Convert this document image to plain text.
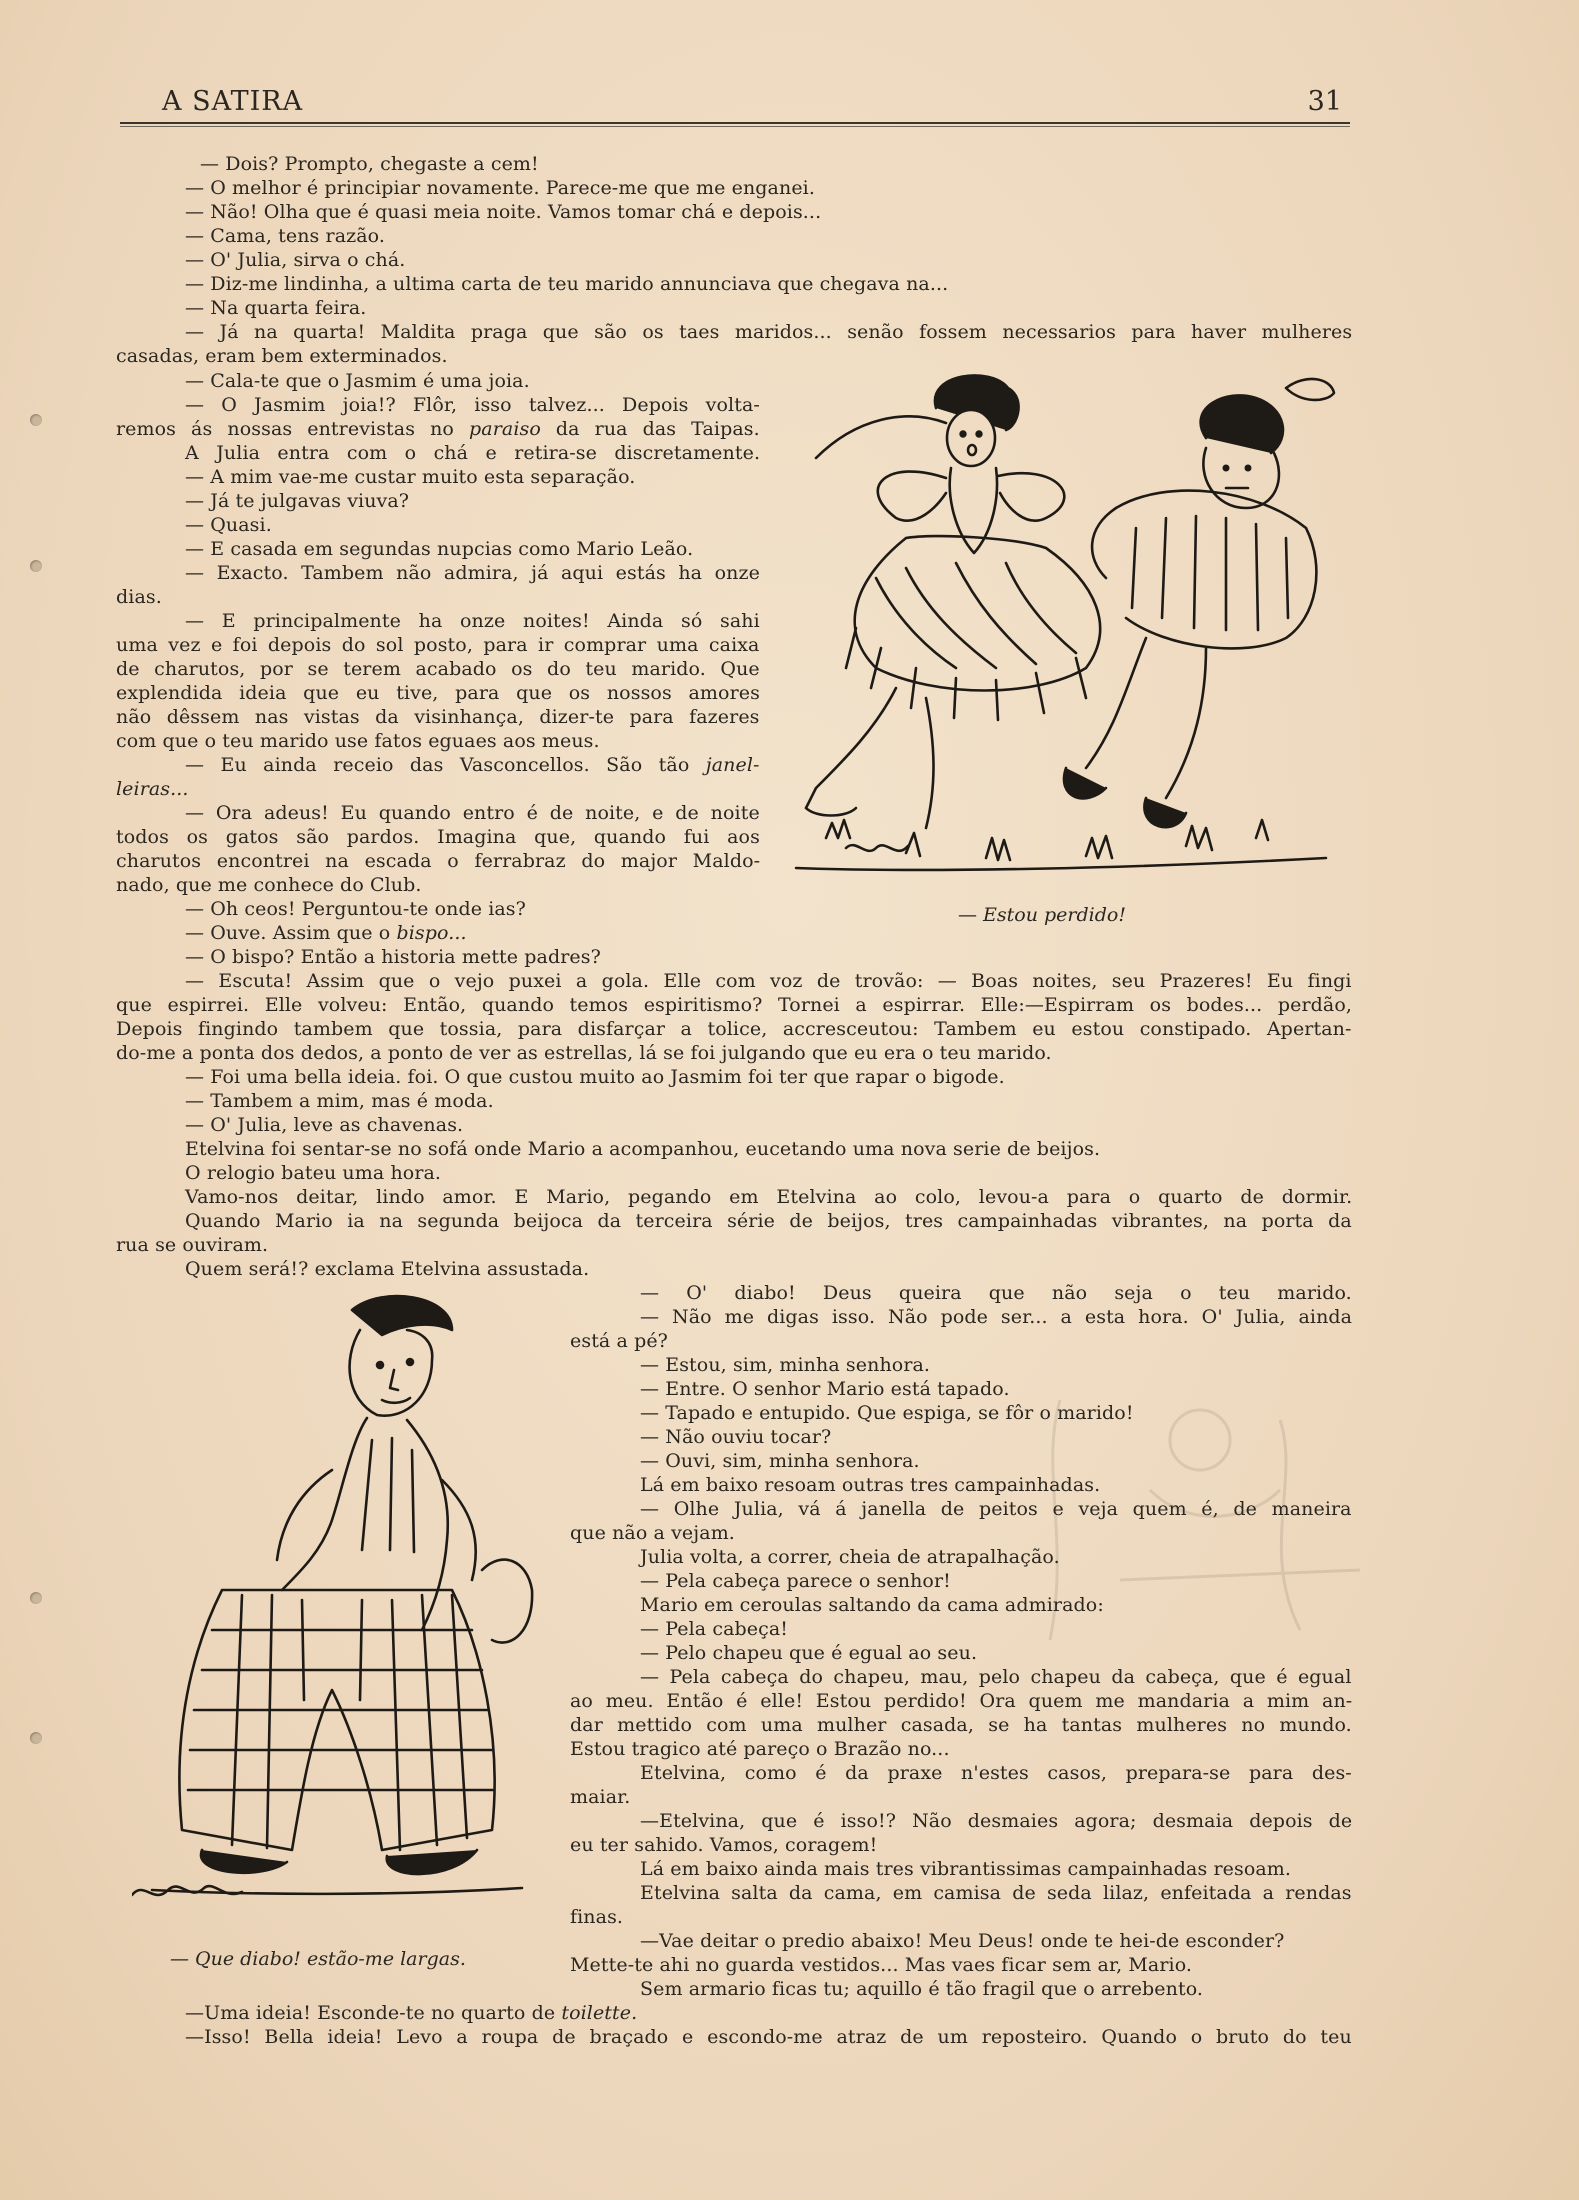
A SATIRA	31
— Estou perdido!
— Que diabo! estão-me largas.
— Dois? Prompto, chegaste a cem!
— O melhor é principiar novamente. Parece-me que me enganei.
— Não! Olha que é quasi meia noite. Vamos tomar chá e depois...
— Cama, tens razão.
— O' Julia, sirva o chá.
— Diz-me lindinha, a ultima carta de teu marido annunciava que chegava na...
— Na quarta feira.
— Já na quarta! Maldita praga que são os taes maridos... senão fossem necessarios para haver mulheres
casadas, eram bem exterminados.
— Cala-te que o Jasmim é uma joia.
— O Jasmim joia!? Flôr, isso talvez... Depois volta-
remos ás nossas entrevistas no paraiso da rua das Taipas.
A Julia entra com o chá e retira-se discretamente.
— A mim vae-me custar muito esta separação.
— Já te julgavas viuva?
— Quasi.
— E casada em segundas nupcias como Mario Leão.
— Exacto. Tambem não admira, já aqui estás ha onze
dias.
— E principalmente ha onze noites! Ainda só sahi
uma vez e foi depois do sol posto, para ir comprar uma caixa
de charutos, por se terem acabado os do teu marido. Que
explendida ideia que eu tive, para que os nossos amores
não dêssem nas vistas da visinhança, dizer-te para fazeres
com que o teu marido use fatos eguaes aos meus.
— Eu ainda receio das Vasconcellos. São tão janel-
leiras...
— Ora adeus! Eu quando entro é de noite, e de noite
todos os gatos são pardos. Imagina que, quando fui aos
charutos encontrei na escada o ferrabraz do major Maldo-
nado, que me conhece do Club.
— Oh ceos! Perguntou-te onde ias?
— Ouve. Assim que o bispo...
— O bispo? Então a historia mette padres?
— Escuta! Assim que o vejo puxei a gola. Elle com voz de trovão: — Boas noites, seu Prazeres! Eu fingi
que espirrei. Elle volveu: Então, quando temos espiritismo? Tornei a espirrar. Elle:—Espirram os bodes... perdão,
Depois fingindo tambem que tossia, para disfarçar a tolice, accresceutou: Tambem eu estou constipado. Apertan-
do-me a ponta dos dedos, a ponto de ver as estrellas, lá se foi julgando que eu era o teu marido.
— Foi uma bella ideia. foi. O que custou muito ao Jasmim foi ter que rapar o bigode.
— Tambem a mim, mas é moda.
— O' Julia, leve as chavenas.
Etelvina foi sentar-se no sofá onde Mario a acompanhou, eucetando uma nova serie de beijos.
O relogio bateu uma hora.
Vamo-nos deitar, lindo amor. E Mario, pegando em Etelvina ao colo, levou-a para o quarto de dormir.
Quando Mario ia na segunda beijoca da terceira série de beijos, tres campainhadas vibrantes, na porta da
rua se ouviram.
Quem será!? exclama Etelvina assustada.
— O' diabo! Deus queira que não seja o teu marido.
— Não me digas isso. Não pode ser... a esta hora. O' Julia, ainda
está a pé?
— Estou, sim, minha senhora.
— Entre. O senhor Mario está tapado.
— Tapado e entupido. Que espiga, se fôr o marido!
— Não ouviu tocar?
— Ouvi, sim, minha senhora.
Lá em baixo resoam outras tres campainhadas.
— Olhe Julia, vá á janella de peitos e veja quem é, de maneira
que não a vejam.
Julia volta, a correr, cheia de atrapalhação.
— Pela cabeça parece o senhor!
Mario em ceroulas saltando da cama admirado:
— Pela cabeça!
— Pelo chapeu que é egual ao seu.
— Pela cabeça do chapeu, mau, pelo chapeu da cabeça, que é egual
ao meu. Então é elle! Estou perdido! Ora quem me mandaria a mim an-
dar mettido com uma mulher casada, se ha tantas mulheres no mundo.
Estou tragico até pareço o Brazão no...
Etelvina, como é da praxe n'estes casos, prepara-se para des-
maiar.
—Etelvina, que é isso!? Não desmaies agora; desmaia depois de
eu ter sahido. Vamos, coragem!
Lá em baixo ainda mais tres vibrantissimas campainhadas resoam.
Etelvina salta da cama, em camisa de seda lilaz, enfeitada a rendas
finas.
—Vae deitar o predio abaixo! Meu Deus! onde te hei-de esconder?
Mette-te ahi no guarda vestidos... Mas vaes ficar sem ar, Mario.
Sem armario ficas tu; aquillo é tão fragil que o arrebento.
—Uma ideia! Esconde-te no quarto de toilette.
—Isso! Bella ideia! Levo a roupa de braçado e escondo-me atraz de um reposteiro. Quando o bruto do teu
